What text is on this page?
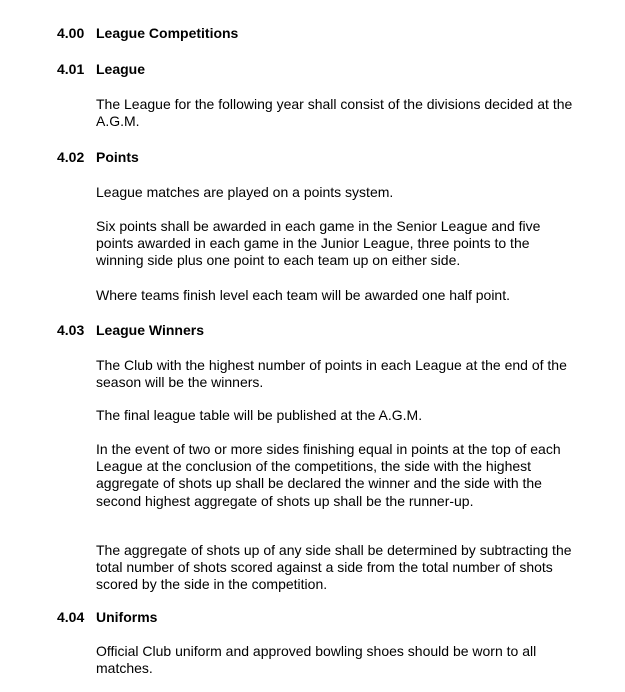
4.00 League Competitions
4.01 League
The League for the following year shall consist of the divisions decided at the A.G.M.
4.02 Points
League matches are played on a points system.
Six points shall be awarded in each game in the Senior League and five points awarded in each game in the Junior League, three points to the winning side plus one point to each team up on either side.
Where teams finish level each team will be awarded one half point.
4.03 League Winners
The Club with the highest number of points in each League at the end of the season will be the winners.
The final league table will be published at the A.G.M.
In the event of two or more sides finishing equal in points at the top of each League at the conclusion of the competitions, the side with the highest aggregate of shots up shall be declared the winner and the side with the second highest aggregate of shots up shall be the runner-up.
The aggregate of shots up of any side shall be determined by subtracting the total number of shots scored against a side from the total number of shots scored by the side in the competition.
4.04 Uniforms
Official Club uniform and approved bowling shoes should be worn to all matches.
